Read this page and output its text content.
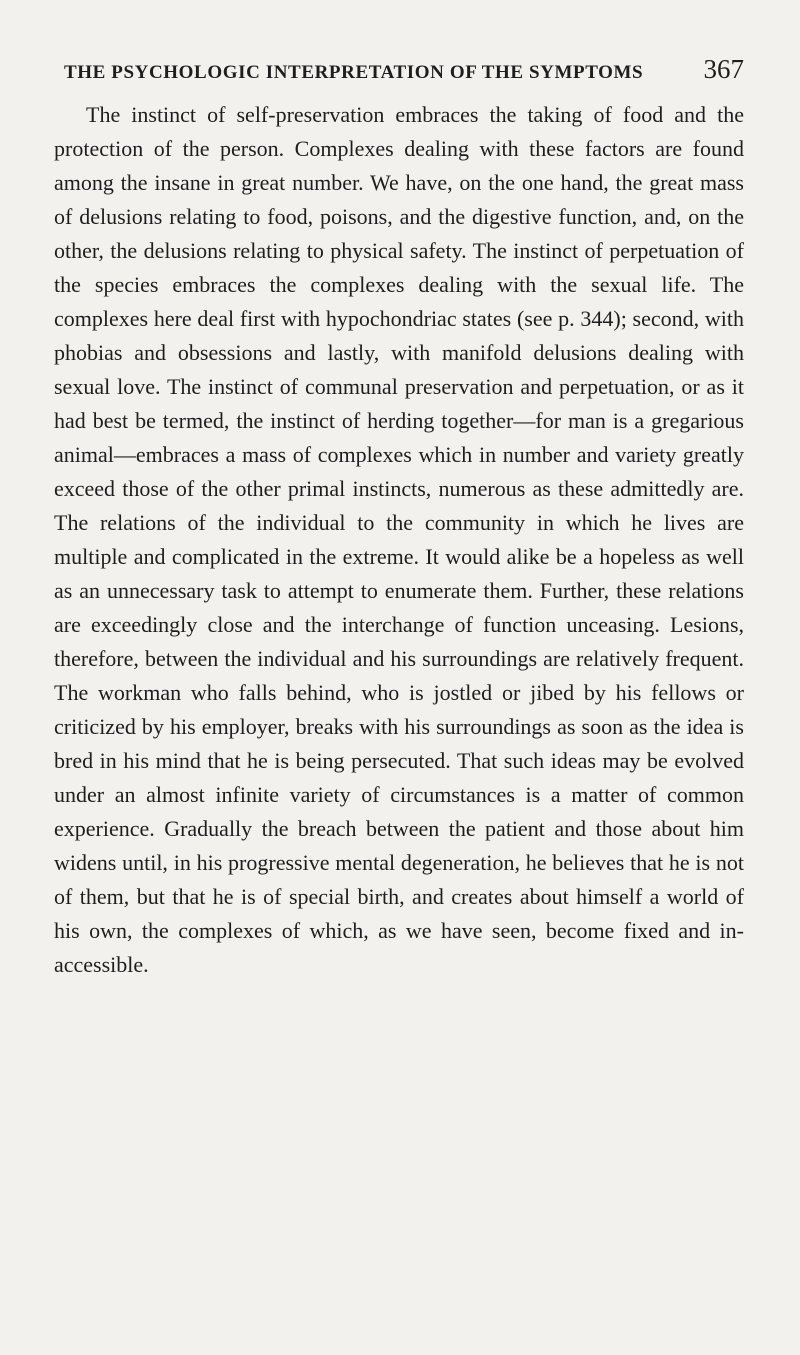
THE PSYCHOLOGIC INTERPRETATION OF THE SYMPTOMS 367

The instinct of self-preservation embraces the taking of food and the protection of the person. Complexes dealing with these factors are found among the insane in great number. We have, on the one hand, the great mass of delusions relating to food, poisons, and the digestive function, and, on the other, the delusions relating to physical safety. The instinct of perpetuation of the species embraces the complexes dealing with the sexual life. The complexes here deal first with hypochondriac states (see p. 344); second, with phobias and obsessions and lastly, with manifold delusions dealing with sexual love. The instinct of communal preservation and perpetuation, or as it had best be termed, the instinct of herding together—for man is a gregarious animal—embraces a mass of complexes which in number and variety greatly exceed those of the other primal instincts, numerous as these admittedly are. The relations of the individual to the community in which he lives are multiple and complicated in the extreme. It would alike be a hopeless as well as an unnecessary task to attempt to enumerate them. Further, these relations are exceedingly close and the interchange of function unceasing. Lesions, therefore, between the individual and his surroundings are relatively frequent. The workman who falls behind, who is jostled or jibed by his fellows or criticized by his employer, breaks with his surroundings as soon as the idea is bred in his mind that he is being persecuted. That such ideas may be evolved under an almost infinite variety of circumstances is a matter of common experience. Gradually the breach between the patient and those about him widens until, in his progressive mental degeneration, he believes that he is not of them, but that he is of special birth, and creates about himself a world of his own, the complexes of which, as we have seen, become fixed and inaccessible.
